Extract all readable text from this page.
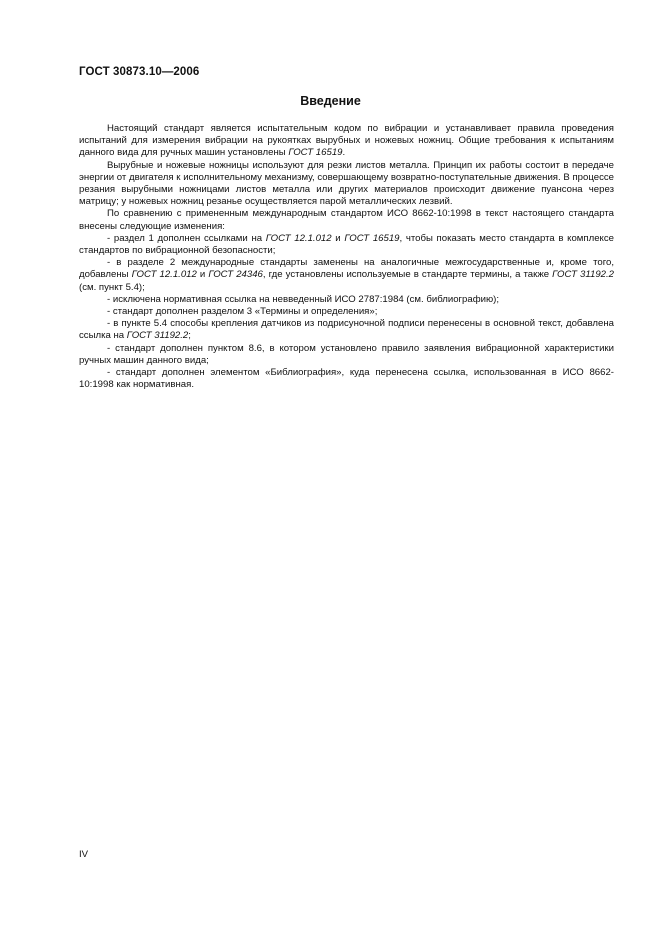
ГОСТ 30873.10—2006
Введение

Настоящий стандарт является испытательным кодом по вибрации и устанавливает правила проведения испытаний для измерения вибрации на рукоятках вырубных и ножевых ножниц. Общие требования к испытаниям данного вида для ручных машин установлены ГОСТ 16519.

Вырубные и ножевые ножницы используют для резки листов металла. Принцип их работы состоит в передаче энергии от двигателя к исполнительному механизму, совершающему возвратно-поступательные движения. В процессе резания вырубными ножницами листов металла или других материалов происходит движение пуансона через матрицу; у ножевых ножниц резанье осуществляется парой металлических лезвий.

По сравнению с примененным международным стандартом ИСО 8662-10:1998 в текст настоящего стандарта внесены следующие изменения:

- раздел 1 дополнен ссылками на ГОСТ 12.1.012 и ГОСТ 16519, чтобы показать место стандарта в комплексе стандартов по вибрационной безопасности;

- в разделе 2 международные стандарты заменены на аналогичные межгосударственные и, кроме того, добавлены ГОСТ 12.1.012 и ГОСТ 24346, где установлены используемые в стандарте термины, а также ГОСТ 31192.2 (см. пункт 5.4);

- исключена нормативная ссылка на невведенный ИСО 2787:1984 (см. библиографию);

- стандарт дополнен разделом 3 «Термины и определения»;

- в пункте 5.4 способы крепления датчиков из подрисуночной подписи перенесены в основной текст, добавлена ссылка на ГОСТ 31192.2;

- стандарт дополнен пунктом 8.6, в котором установлено правило заявления вибрационной характеристики ручных машин данного вида;

- стандарт дополнен элементом «Библиография», куда перенесена ссылка, использованная в ИСО 8662-10:1998 как нормативная.

IV
